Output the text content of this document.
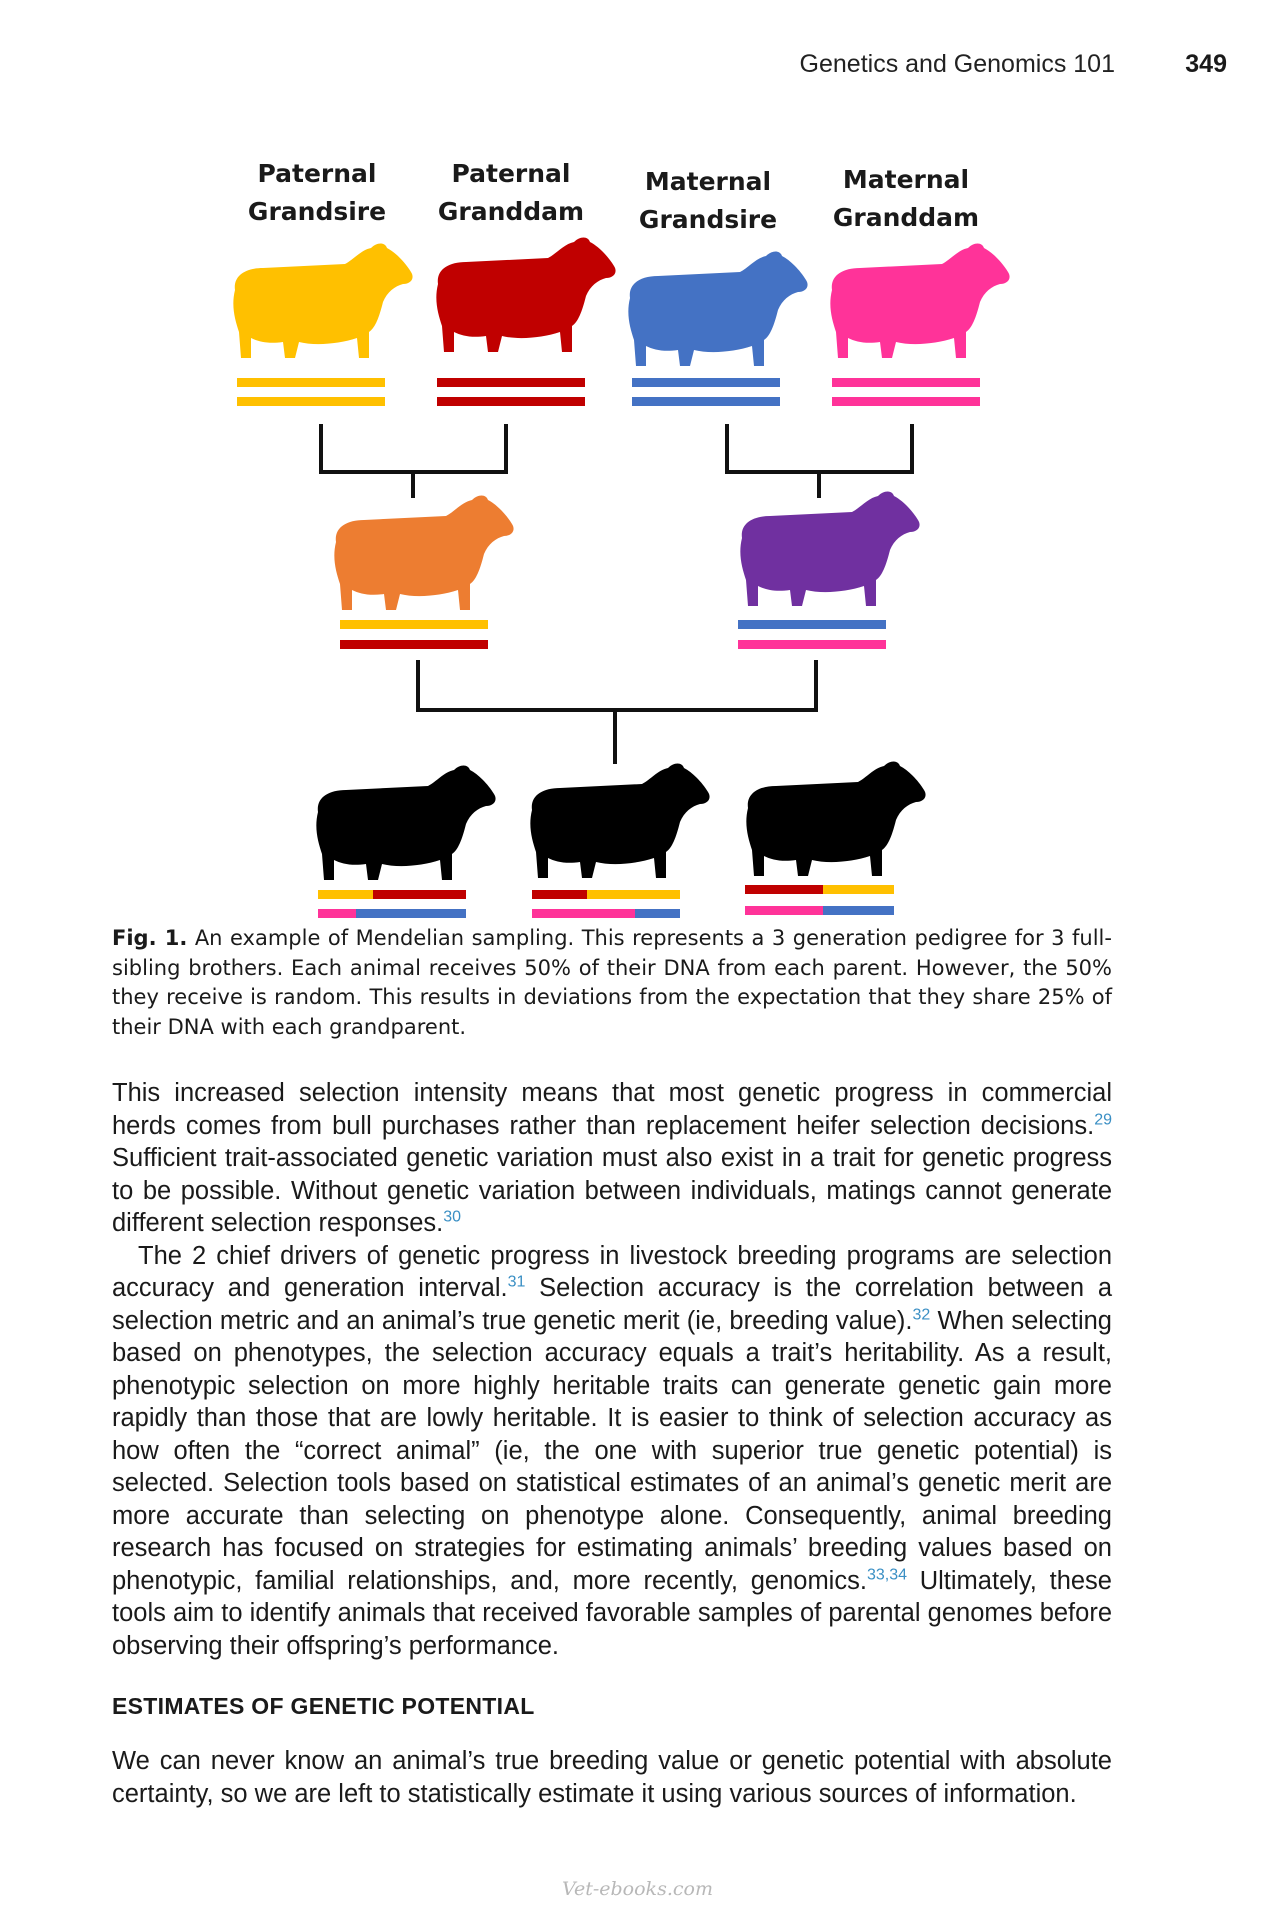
Genetics and Genomics 101	349
Paternal
Grandsire
Paternal
Granddam
Maternal
Grandsire
Maternal
Granddam
Fig. 1. An example of Mendelian sampling. This represents a 3 generation pedigree for 3 full-sibling brothers. Each animal receives 50% of their DNA from each parent. However, the 50% they receive is random. This results in deviations from the expectation that they share 25% of their DNA with each grandparent.

This increased selection intensity means that most genetic progress in commercial herds comes from bull purchases rather than replacement heifer selection decisions.$^{29}$ Sufficient trait-associated genetic variation must also exist in a trait for genetic progress to be possible. Without genetic variation between individuals, matings cannot generate different selection responses.$^{30}$

The 2 chief drivers of genetic progress in livestock breeding programs are selection accuracy and generation interval.$^{31}$ Selection accuracy is the correlation between a selection metric and an animal’s true genetic merit (ie, breeding value).$^{32}$ When selecting based on phenotypes, the selection accuracy equals a trait’s heritability. As a result, phenotypic selection on more highly heritable traits can generate genetic gain more rapidly than those that are lowly heritable. It is easier to think of selection accuracy as how often the “correct animal” (ie, the one with superior true genetic potential) is selected. Selection tools based on statistical estimates of an animal’s genetic merit are more accurate than selecting on phenotype alone. Consequently, animal breeding research has focused on strategies for estimating animals’ breeding values based on phenotypic, familial relationships, and, more recently, genomics.$^{33,34}$ Ultimately, these tools aim to identify animals that received favorable samples of parental genomes before observing their offspring’s performance.

ESTIMATES OF GENETIC POTENTIAL

We can never know an animal’s true breeding value or genetic potential with absolute certainty, so we are left to statistically estimate it using various sources of information.

Vet-ebooks.com
